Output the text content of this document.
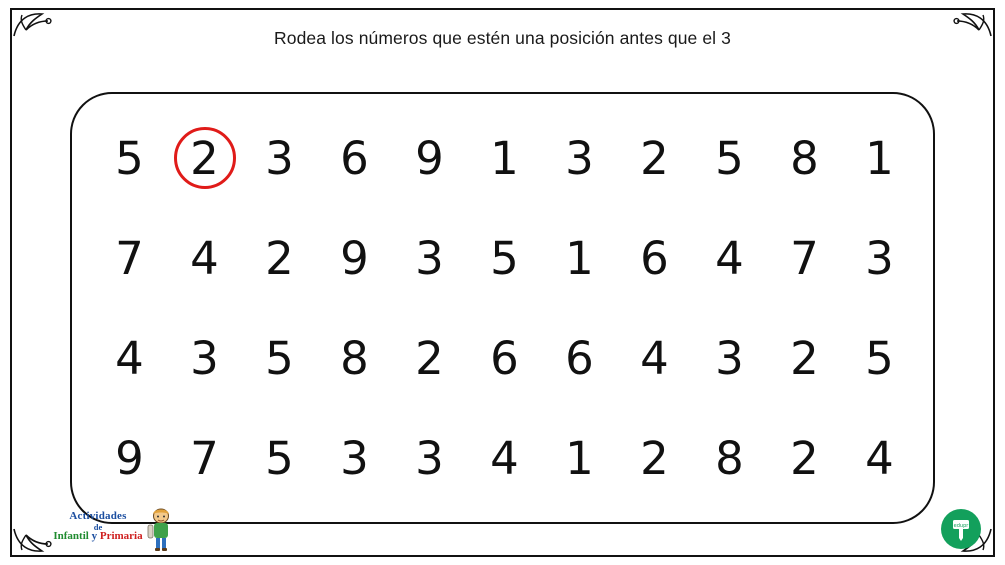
Rodea los números que estén una posición antes que el 3
5 2 3 6 9 1 3 2 5 8 1
7 4 2 9 3 5 1 6 4 7 3
4 3 5 8 2 6 6 4 3 2 5
9 7 5 3 3 4 1 2 8 2 4
Actividades
de
Infantil y Primaria
edupr
